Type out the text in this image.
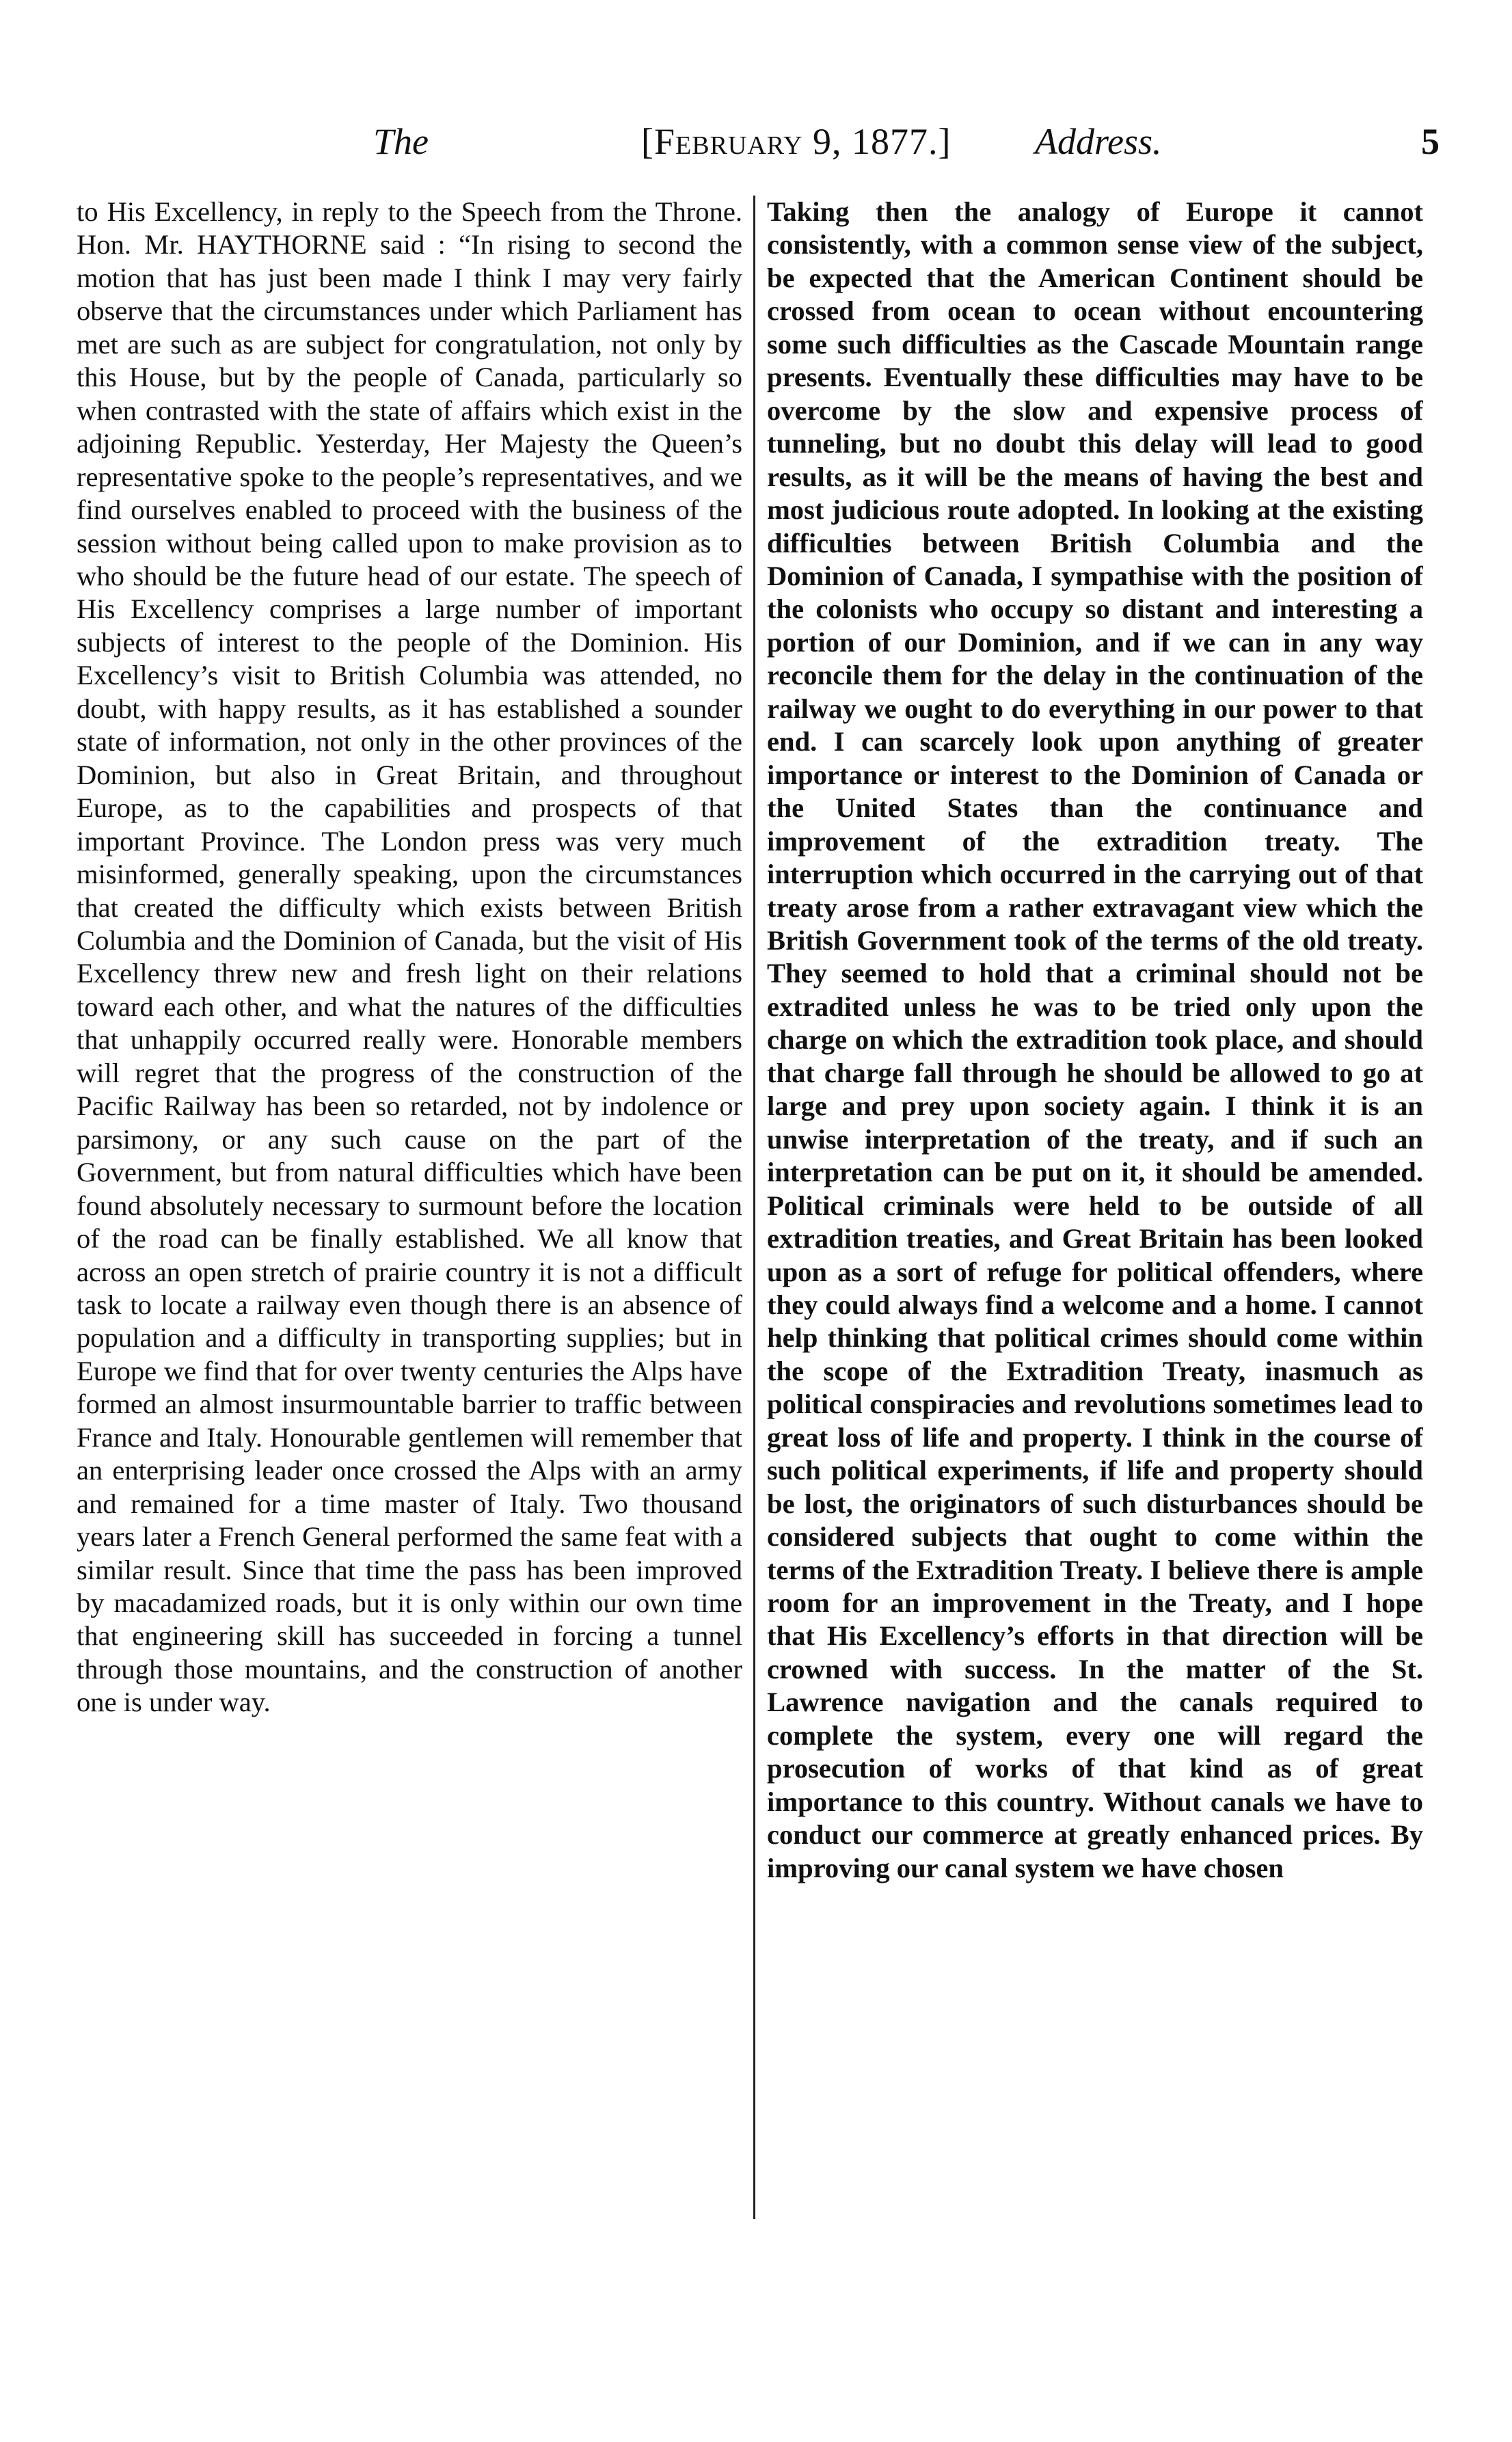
The	[February 9, 1877.] Address.	5

to His Excellency, in reply to the Speech from the Throne. Hon. Mr. HAYTHORNE said : “In rising to second the motion that has just been made I think I may very fairly observe that the circumstances under which Parliament has met are such as are subject for congratulation, not only by this House, but by the people of Canada, particularly so when contrasted with the state of affairs which exist in the adjoining Republic. Yesterday, Her Majesty the Queen’s representative spoke to the people’s representatives, and we find ourselves enabled to proceed with the business of the session without being called upon to make provision as to who should be the future head of our estate. The speech of His Excellency comprises a large number of important subjects of interest to the people of the Dominion. His Excellency’s visit to British Columbia was attended, no doubt, with happy results, as it has established a sounder state of information, not only in the other provinces of the Dominion, but also in Great Britain, and throughout Europe, as to the capabilities and prospects of that important Province. The London press was very much misinformed, generally speaking, upon the circumstances that created the difficulty which exists between British Columbia and the Dominion of Canada, but the visit of His Excellency threw new and fresh light on their relations toward each other, and what the natures of the difficulties that unhappily occurred really were. Honorable members will regret that the progress of the construction of the Pacific Railway has been so retarded, not by indolence or parsimony, or any such cause on the part of the Government, but from natural difficulties which have been found absolutely necessary to surmount before the location of the road can be finally established. We all know that across an open stretch of prairie country it is not a difficult task to locate a railway even though there is an absence of population and a difficulty in transporting supplies; but in Europe we find that for over twenty centuries the Alps have formed an almost insurmountable barrier to traffic between France and Italy. Honourable gentlemen will remember that an enterprising leader once crossed the Alps with an army and remained for a time master of Italy. Two thousand years later a French General performed the same feat with a similar result. Since that time the pass has been improved by macadamized roads, but it is only within our own time that engineering skill has succeeded in forcing a tunnel through those mountains, and the construction of another one is under way.

Taking then the analogy of Europe it cannot consistently, with a common sense view of the subject, be expected that the American Continent should be crossed from ocean to ocean without encountering some such difficulties as the Cascade Mountain range presents. Eventually these difficulties may have to be overcome by the slow and expensive process of tunneling, but no doubt this delay will lead to good results, as it will be the means of having the best and most judicious route adopted. In looking at the existing difficulties between British Columbia and the Dominion of Canada, I sympathise with the position of the colonists who occupy so distant and interesting a portion of our Dominion, and if we can in any way reconcile them for the delay in the continuation of the railway we ought to do everything in our power to that end. I can scarcely look upon anything of greater importance or interest to the Dominion of Canada or the United States than the continuance and improvement of the extradition treaty. The interruption which occurred in the carrying out of that treaty arose from a rather extravagant view which the British Government took of the terms of the old treaty. They seemed to hold that a criminal should not be extradited unless he was to be tried only upon the charge on which the extradition took place, and should that charge fall through he should be allowed to go at large and prey upon society again. I think it is an unwise interpretation of the treaty, and if such an interpretation can be put on it, it should be amended. Political criminals were held to be outside of all extradition treaties, and Great Britain has been looked upon as a sort of refuge for political offenders, where they could always find a welcome and a home. I cannot help thinking that political crimes should come within the scope of the Extradition Treaty, inasmuch as political conspiracies and revolutions sometimes lead to great loss of life and property. I think in the course of such political experiments, if life and property should be lost, the originators of such disturbances should be considered subjects that ought to come within the terms of the Extradition Treaty. I believe there is ample room for an improvement in the Treaty, and I hope that His Excellency’s efforts in that direction will be crowned with success. In the matter of the St. Lawrence navigation and the canals required to complete the system, every one will regard the prosecution of works of that kind as of great importance to this country. Without canals we have to conduct our commerce at greatly enhanced prices. By improving our canal system we have chosen
